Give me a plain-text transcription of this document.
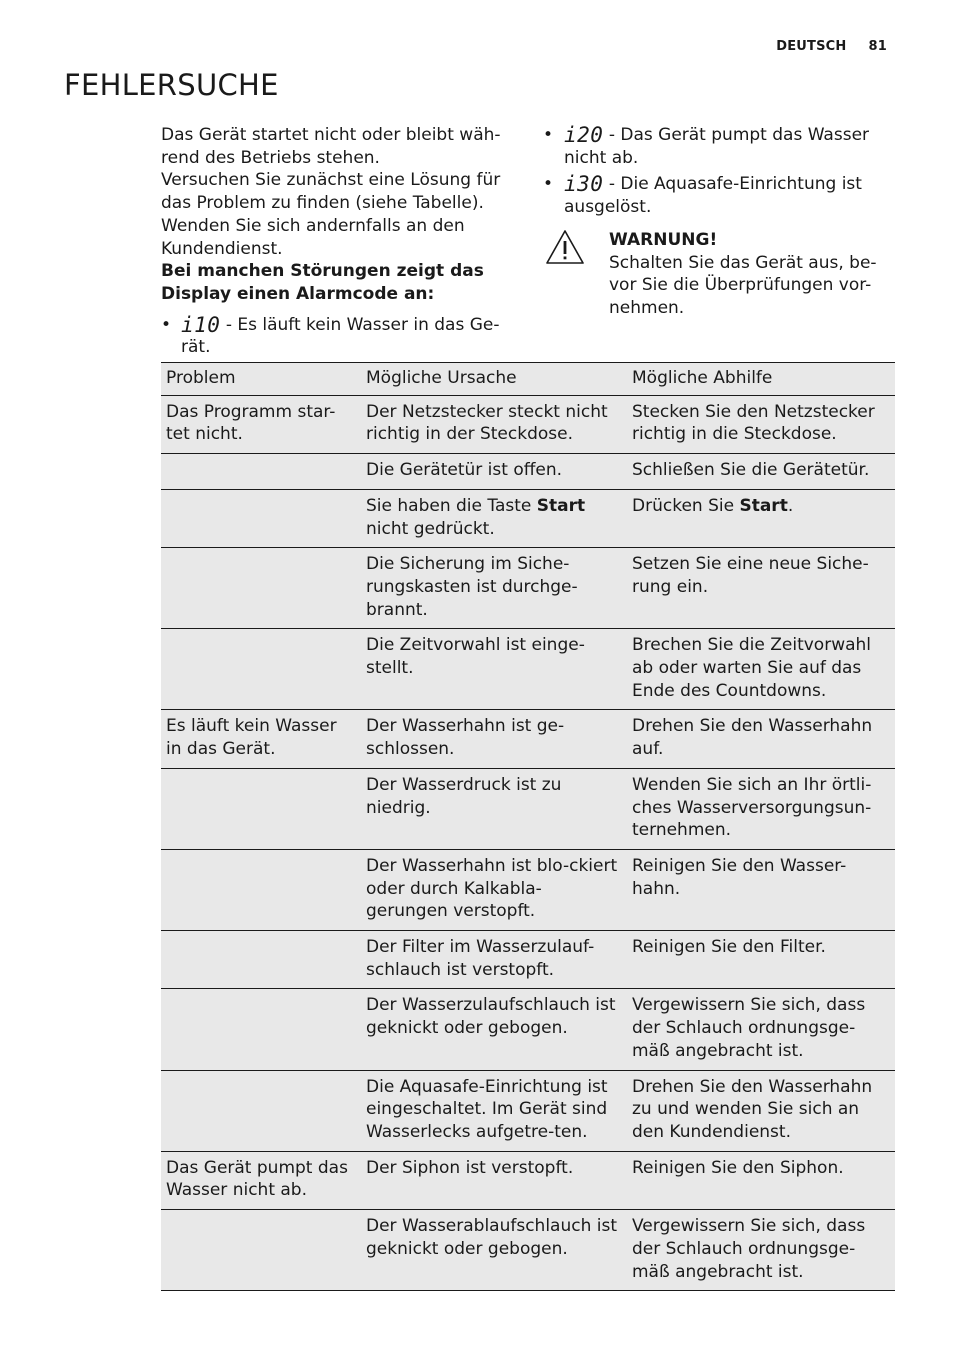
DEUTSCH 81
FEHLERSUCHE

Das Gerät startet nicht oder bleibt wäh-rend des Betriebs stehen.

Versuchen Sie zunächst eine Lösung für das Problem zu finden (siehe Tabelle). Wenden Sie sich andernfalls an den Kundendienst.

Bei manchen Störungen zeigt das Display einen Alarmcode an:

• i10 - Es läuft kein Wasser in das Ge-rät.
• i20 - Das Gerät pumpt das Wasser nicht ab.
• i30 - Die Aquasafe-Einrichtung ist ausgelöst.
WARNUNG!
Schalten Sie das Gerät aus, be-vor Sie die Überprüfungen vor-nehmen.
Problem	Mögliche Ursache	Mögliche Abhilfe
Das Programm star-tet nicht.	Der Netzstecker steckt nicht richtig in der Steckdose.	Stecken Sie den Netzstecker richtig in die Steckdose.
	Die Gerätetür ist offen.	Schließen Sie die Gerätetür.
	Sie haben die Taste Start nicht gedrückt.	Drücken Sie Start.
	Die Sicherung im Siche-rungskasten ist durchge-brannt.	Setzen Sie eine neue Siche-rung ein.
	Die Zeitvorwahl ist einge-stellt.	Brechen Sie die Zeitvorwahl ab oder warten Sie auf das Ende des Countdowns.
Es läuft kein Wasser in das Gerät.	Der Wasserhahn ist ge-schlossen.	Drehen Sie den Wasserhahn auf.
	Der Wasserdruck ist zu niedrig.	Wenden Sie sich an Ihr örtli-ches Wasserversorgungsun-ternehmen.
	Der Wasserhahn ist blo-ckiert oder durch Kalkabla-gerungen verstopft.	Reinigen Sie den Wasser-hahn.
	Der Filter im Wasserzulauf-schlauch ist verstopft.	Reinigen Sie den Filter.
	Der Wasserzulaufschlauch ist geknickt oder gebogen.	Vergewissern Sie sich, dass der Schlauch ordnungsge-mäß angebracht ist.
	Die Aquasafe-Einrichtung ist eingeschaltet. Im Gerät sind Wasserlecks aufgetre-ten.	Drehen Sie den Wasserhahn zu und wenden Sie sich an den Kundendienst.
Das Gerät pumpt das Wasser nicht ab.	Der Siphon ist verstopft.	Reinigen Sie den Siphon.
	Der Wasserablaufschlauch ist geknickt oder gebogen.	Vergewissern Sie sich, dass der Schlauch ordnungsge-mäß angebracht ist.
